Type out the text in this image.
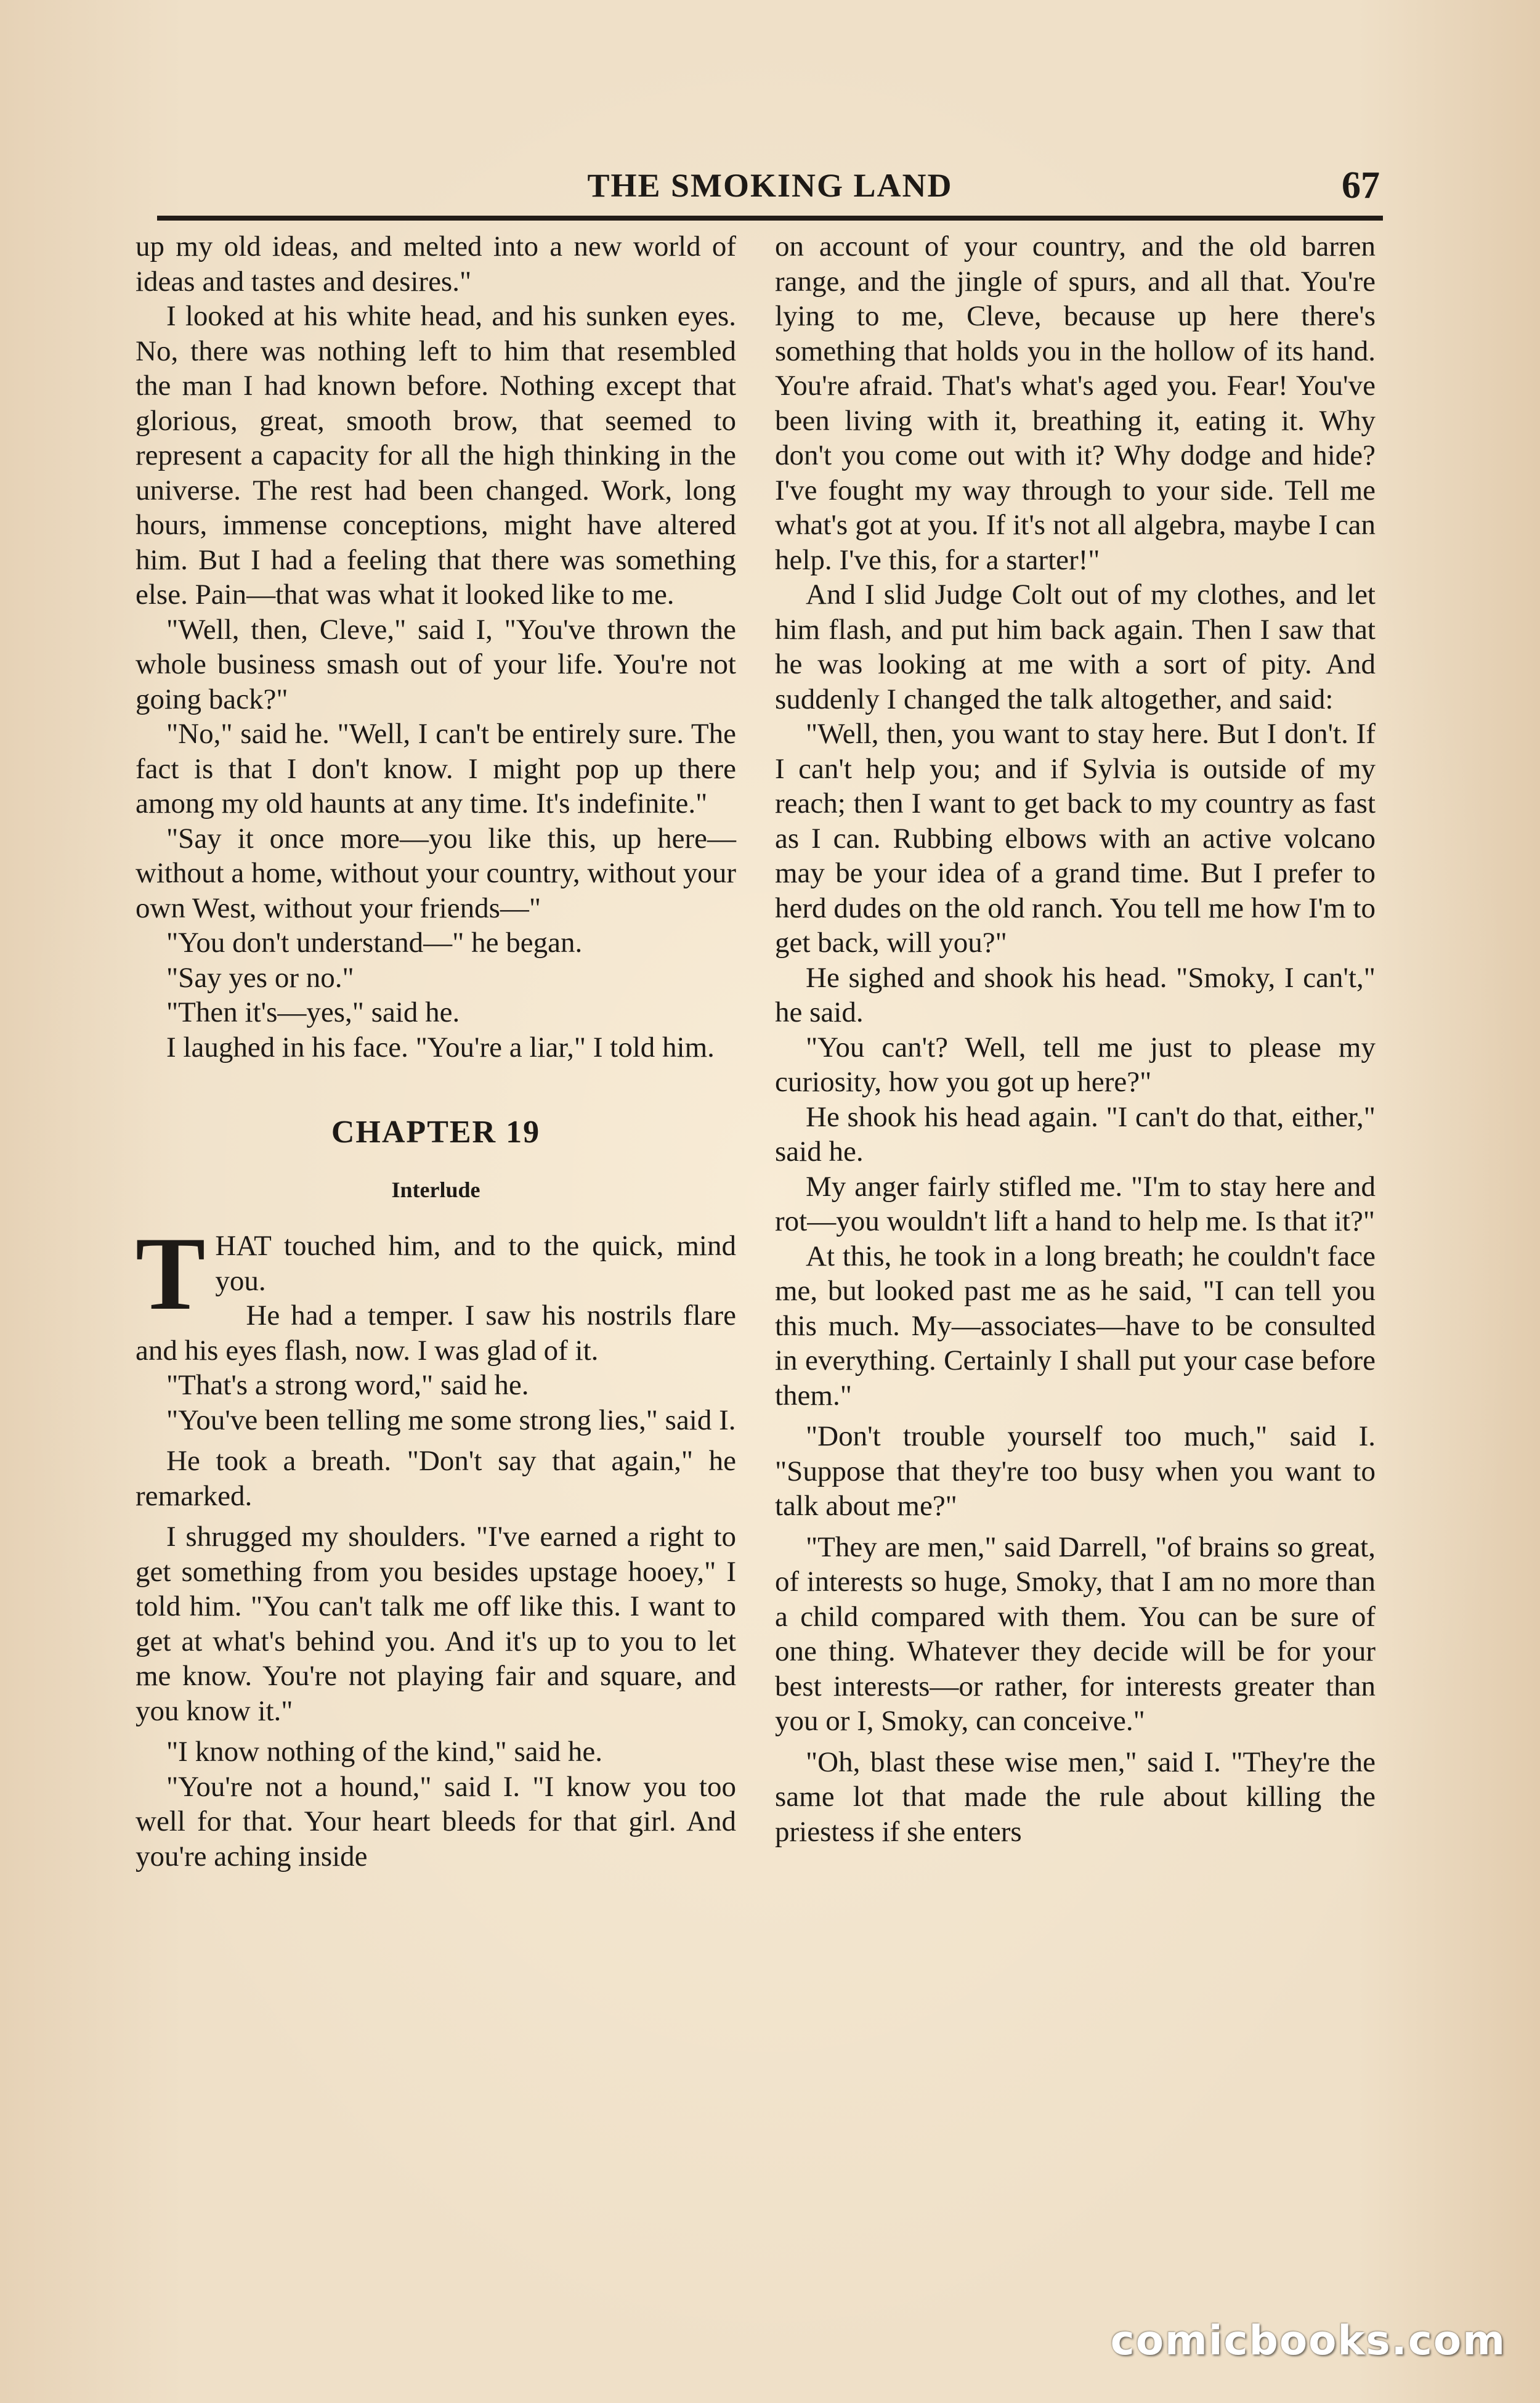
THE SMOKING LAND	67

up my old ideas, and melted into a new world of ideas and tastes and desires."

I looked at his white head, and his sunken eyes. No, there was nothing left to him that resembled the man I had known before. Nothing except that glorious, great, smooth brow, that seemed to represent a capacity for all the high thinking in the universe. The rest had been changed. Work, long hours, immense conceptions, might have altered him. But I had a feeling that there was something else. Pain—that was what it looked like to me.

"Well, then, Cleve," said I, "You've thrown the whole business smash out of your life. You're not going back?"

"No," said he. "Well, I can't be entirely sure. The fact is that I don't know. I might pop up there among my old haunts at any time. It's indefinite."

"Say it once more—you like this, up here—without a home, without your country, without your own West, without your friends—"

"You don't understand—" he began.

"Say yes or no."

"Then it's—yes," said he.

I laughed in his face. "You're a liar," I told him.

CHAPTER 19
Interlude

THAT touched him, and to the quick, mind you.

He had a temper. I saw his nostrils flare and his eyes flash, now. I was glad of it.

"That's a strong word," said he.

"You've been telling me some strong lies," said I.

He took a breath. "Don't say that again," he remarked.

I shrugged my shoulders. "I've earned a right to get something from you besides upstage hooey," I told him. "You can't talk me off like this. I want to get at what's behind you. And it's up to you to let me know. You're not playing fair and square, and you know it."

"I know nothing of the kind," said he.

"You're not a hound," said I. "I know you too well for that. Your heart bleeds for that girl. And you're aching inside

on account of your country, and the old barren range, and the jingle of spurs, and all that. You're lying to me, Cleve, because up here there's something that holds you in the hollow of its hand. You're afraid. That's what's aged you. Fear! You've been living with it, breathing it, eating it. Why don't you come out with it? Why dodge and hide? I've fought my way through to your side. Tell me what's got at you. If it's not all algebra, maybe I can help. I've this, for a starter!"

And I slid Judge Colt out of my clothes, and let him flash, and put him back again. Then I saw that he was looking at me with a sort of pity. And suddenly I changed the talk altogether, and said:

"Well, then, you want to stay here. But I don't. If I can't help you; and if Sylvia is outside of my reach; then I want to get back to my country as fast as I can. Rubbing elbows with an active volcano may be your idea of a grand time. But I prefer to herd dudes on the old ranch. You tell me how I'm to get back, will you?"

He sighed and shook his head. "Smoky, I can't," he said.

"You can't? Well, tell me just to please my curiosity, how you got up here?"

He shook his head again. "I can't do that, either," said he.

My anger fairly stifled me. "I'm to stay here and rot—you wouldn't lift a hand to help me. Is that it?"

At this, he took in a long breath; he couldn't face me, but looked past me as he said, "I can tell you this much. My—associates—have to be consulted in everything. Certainly I shall put your case before them."

"Don't trouble yourself too much," said I. "Suppose that they're too busy when you want to talk about me?"

"They are men," said Darrell, "of brains so great, of interests so huge, Smoky, that I am no more than a child compared with them. You can be sure of one thing. Whatever they decide will be for your best interests—or rather, for interests greater than you or I, Smoky, can conceive."

"Oh, blast these wise men," said I. "They're the same lot that made the rule about killing the priestess if she enters

comicbooks.com
